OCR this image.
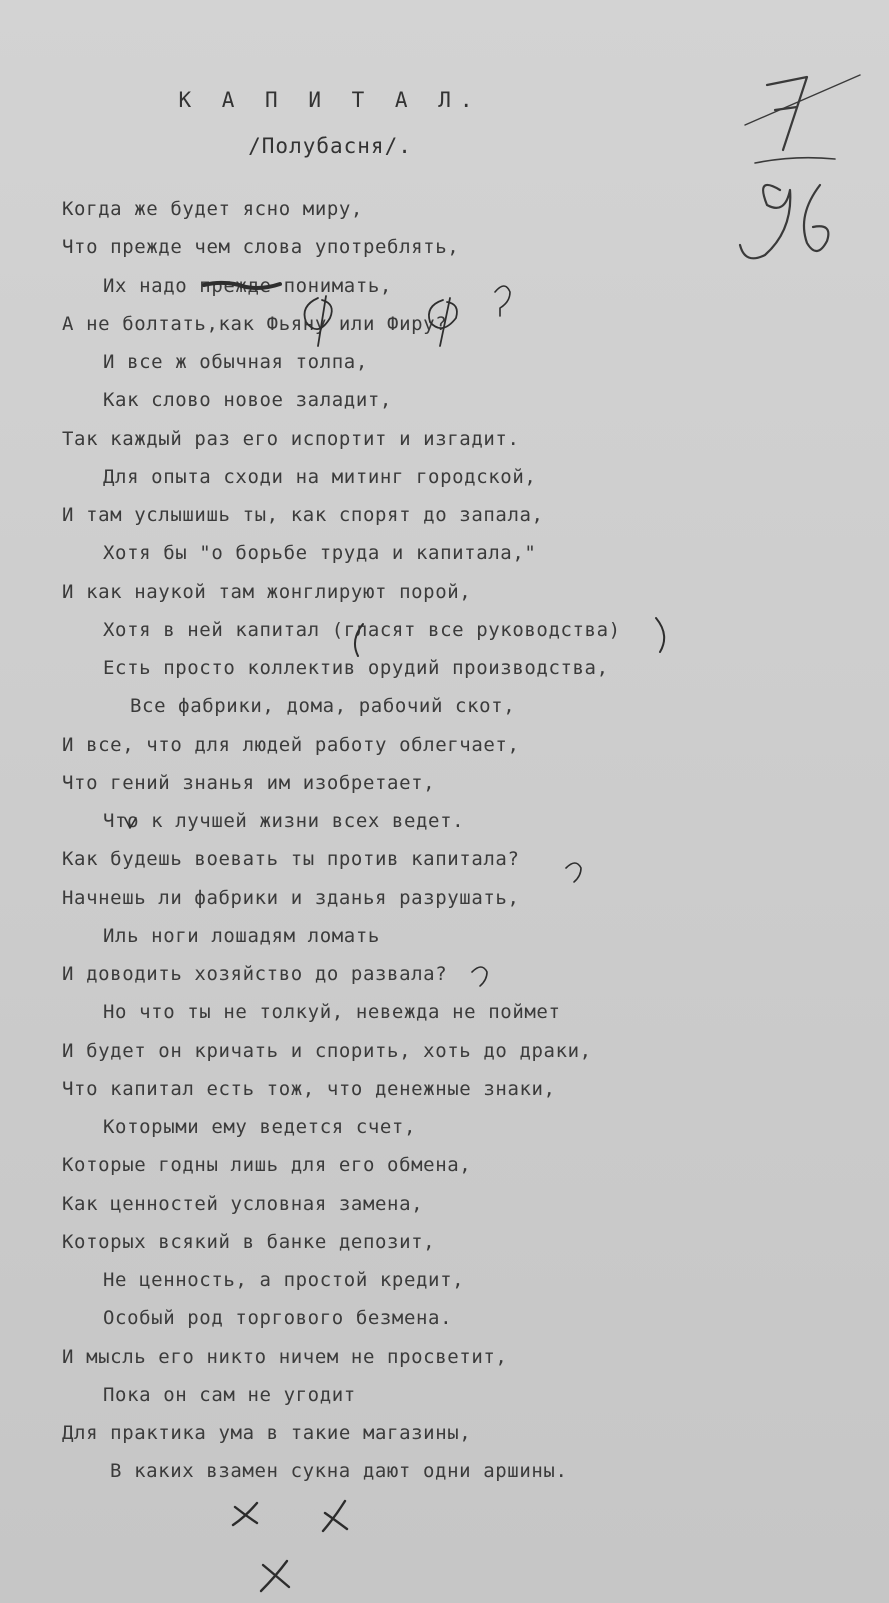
К А П И Т А Л.
/Полубасня/.
Когда же будет ясно миру,
Что прежде чем слова употреблять,
Их надо прежде понимать,
А не болтать,как Фьяну или Фиру?
И все ж обычная толпа,
Как слово новое заладит,
Так каждый раз его испортит и изгадит.
Для опыта сходи на митинг городской,
И там услышишь ты, как спорят до запала,
Хотя бы "о борьбе труда и капитала,"
И как наукой там жонглируют порой,
Хотя в ней капитал (гласят все руководства)
Есть просто коллектив орудий производства,
Все фабрики, дома, рабочий скот,
И все, что для людей работу облегчает,
Что гений знанья им изобретает,
Что к лучшей жизни всех ведет.
Как будешь воевать ты против капитала?
Начнешь ли фабрики и зданья разрушать,
Иль ноги лошадям ломать
И доводить хозяйство до развала?
Но что ты не толкуй, невежда не поймет
И будет он кричать и спорить, хоть до драки,
Что капитал есть тож, что денежные знаки,
Которыми ему ведется счет,
Которые годны лишь для его обмена,
Как ценностей условная замена,
Которых всякий в банке депозит,
Не ценность, а простой кредит,
Особый род торгового безмена.
И мысль его никто ничем не просветит,
Пока он сам не угодит
Для практика ума в такие магазины,
В каких взамен сукна дают одни аршины.
